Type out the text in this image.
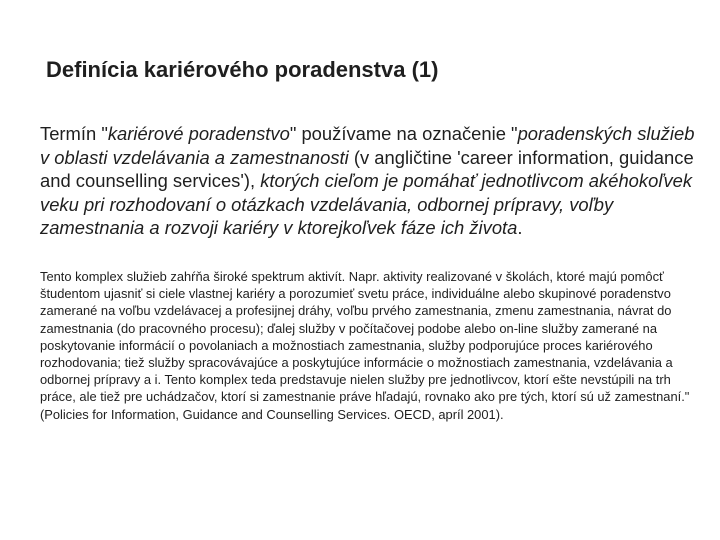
Definícia kariérového poradenstva (1)

Termín "kariérové poradenstvo" používame na označenie "poradenských služieb v oblasti vzdelávania a zamestnanosti (v angličtine 'career information, guidance and counselling services'), ktorých cieľom je pomáhať jednotlivcom akéhokoľvek veku pri rozhodovaní o otázkach vzdelávania, odbornej prípravy, voľby zamestnania a rozvoji kariéry v ktorejkoľvek fáze ich života.

Tento komplex služieb zahŕňa široké spektrum aktivít. Napr. aktivity realizované v školách, ktoré majú pomôcť študentom ujasniť si ciele vlastnej kariéry a porozumieť svetu práce, individuálne alebo skupinové poradenstvo zamerané na voľbu vzdelávacej a profesijnej dráhy, voľbu prvého zamestnania, zmenu zamestnania, návrat do zamestnania (do pracovného procesu); ďalej služby v počítačovej podobe alebo on-line služby zamerané na poskytovanie informácií o povolaniach a možnostiach zamestnania, služby podporujúce proces kariérového rozhodovania; tiež služby spracovávajúce a poskytujúce informácie o možnostiach zamestnania, vzdelávania a odbornej prípravy a i. Tento komplex teda predstavuje nielen služby pre jednotlivcov, ktorí ešte nevstúpili na trh práce, ale tiež pre uchádzačov, ktorí si zamestnanie práve hľadajú, rovnako ako pre tých, ktorí sú už zamestnaní." (Policies for Information, Guidance and Counselling Services. OECD, apríl 2001).
